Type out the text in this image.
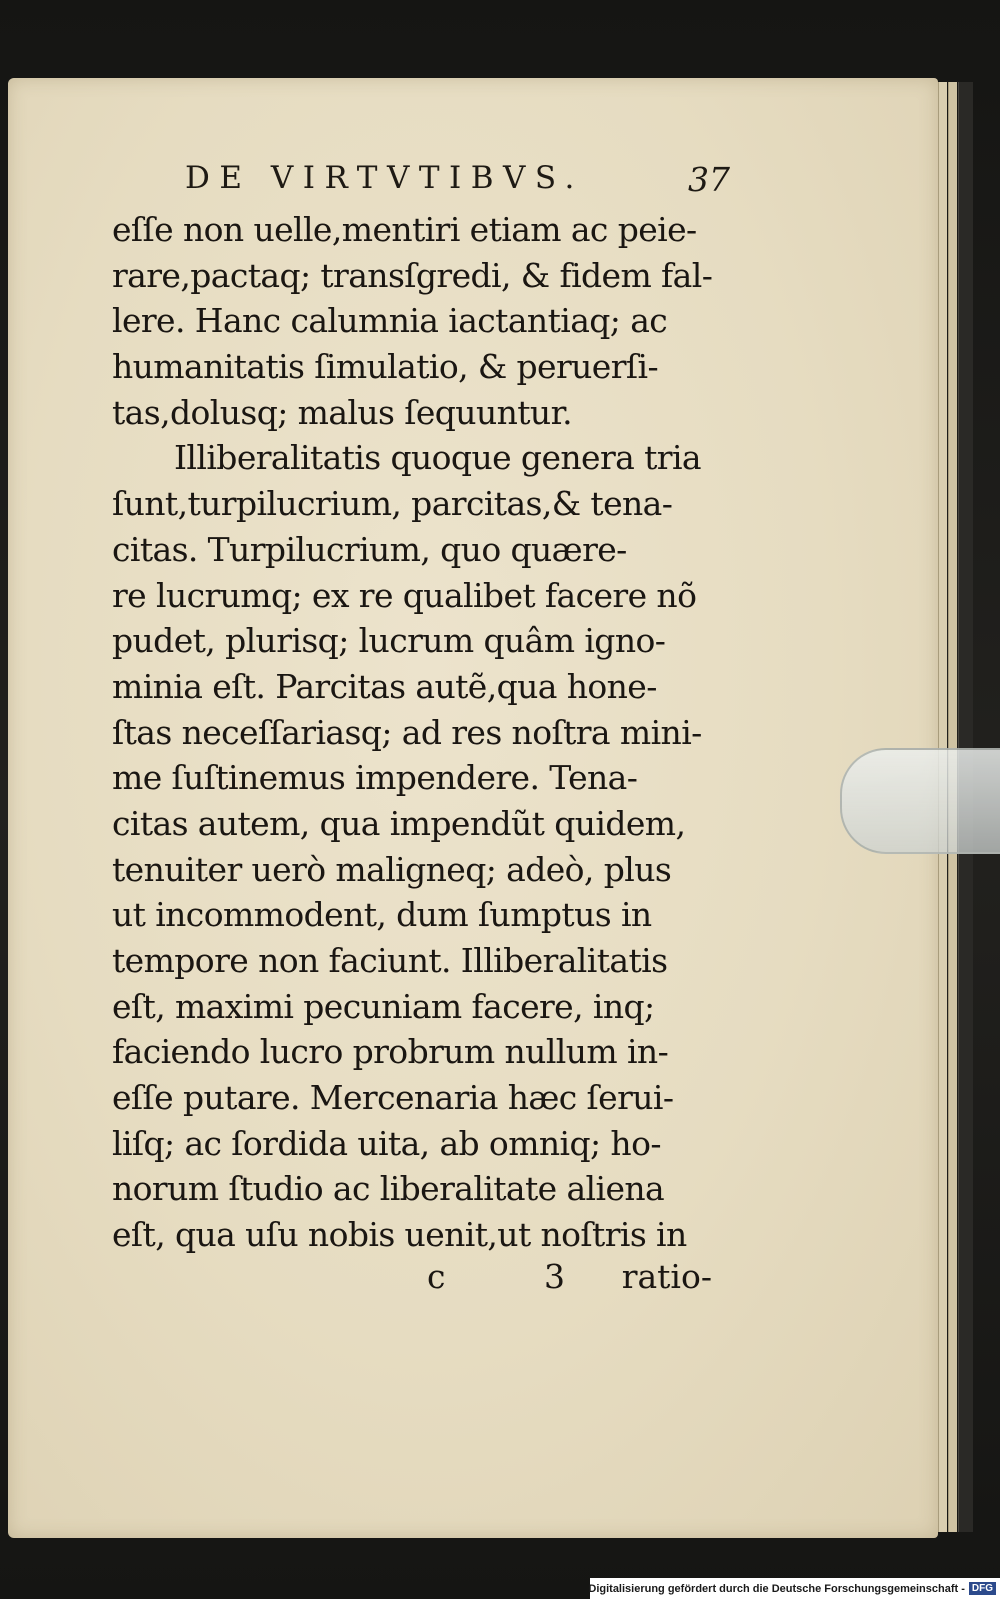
DE VIRTVTIBVS.	37
eſſe non uelle,mentiri etiam ac peie-
rare,pactaq; transſgredi, & fidem fal-
lere. Hanc calumnia iactantiaq; ac
humanitatis ſimulatio, & peruerſi-
tas,dolusq; malus ſequuntur.
Illiberalitatis quoque genera tria
ſunt,turpilucrium, parcitas,& tena-
citas. Turpilucrium, quo quære-
re lucrumq; ex re qualibet facere nõ
pudet, plurisq; lucrum quâm igno-
minia eſt. Parcitas autẽ,qua hone-
ſtas neceſſariasq; ad res noſtra mini-
me ſuſtinemus impendere. Tena-
citas autem, qua impendũt quidem,
tenuiter uerò maligneq; adeò, plus
ut incommodent, dum ſumptus in
tempore non faciunt. Illiberalitatis
eſt, maximi pecuniam facere, inq;
faciendo lucro probrum nullum in-
eſſe putare. Mercenaria hæc ſerui-
liſq; ac ſordida uita, ab omniq; ho-
norum ſtudio ac liberalitate aliena
eſt, qua uſu nobis uenit,ut noſtris in
c 3 ratio-
Digitalisierung gefördert durch die Deutsche Forschungsgemeinschaft - DFG
